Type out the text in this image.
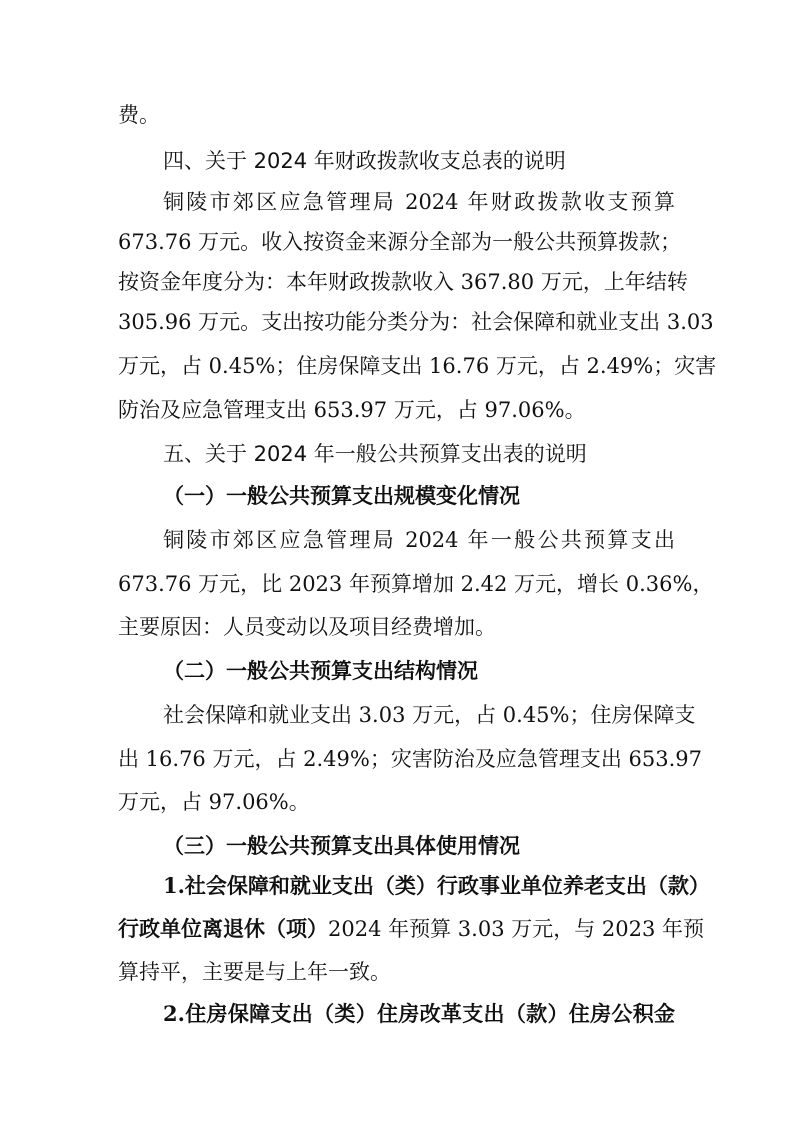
费。
四、关于 2024 年财政拨款收支总表的说明
铜陵市郊区应急管理局 2024 年财政拨款收支预算
673.76 万元。收入按资金来源分全部为一般公共预算拨款；
按资金年度分为：本年财政拨款收入 367.80 万元，上年结转
305.96 万元。支出按功能分类分为：社会保障和就业支出 3.03
万元，占 0.45%；住房保障支出 16.76 万元，占 2.49%；灾害
防治及应急管理支出 653.97 万元，占 97.06%。
五、关于 2024 年一般公共预算支出表的说明
（一）一般公共预算支出规模变化情况
铜陵市郊区应急管理局 2024 年一般公共预算支出
673.76 万元，比 2023 年预算增加 2.42 万元，增长 0.36%，
主要原因：人员变动以及项目经费增加。
（二）一般公共预算支出结构情况
社会保障和就业支出 3.03 万元，占 0.45%；住房保障支
出 16.76 万元，占 2.49%；灾害防治及应急管理支出 653.97
万元，占 97.06%。
（三）一般公共预算支出具体使用情况
1.社会保障和就业支出（类）行政事业单位养老支出（款）
行政单位离退休（项） 2024 年预算 3.03 万元，与 2023 年预
算持平，主要是与上年一致。
2.住房保障支出（类）住房改革支出（款）住房公积金
